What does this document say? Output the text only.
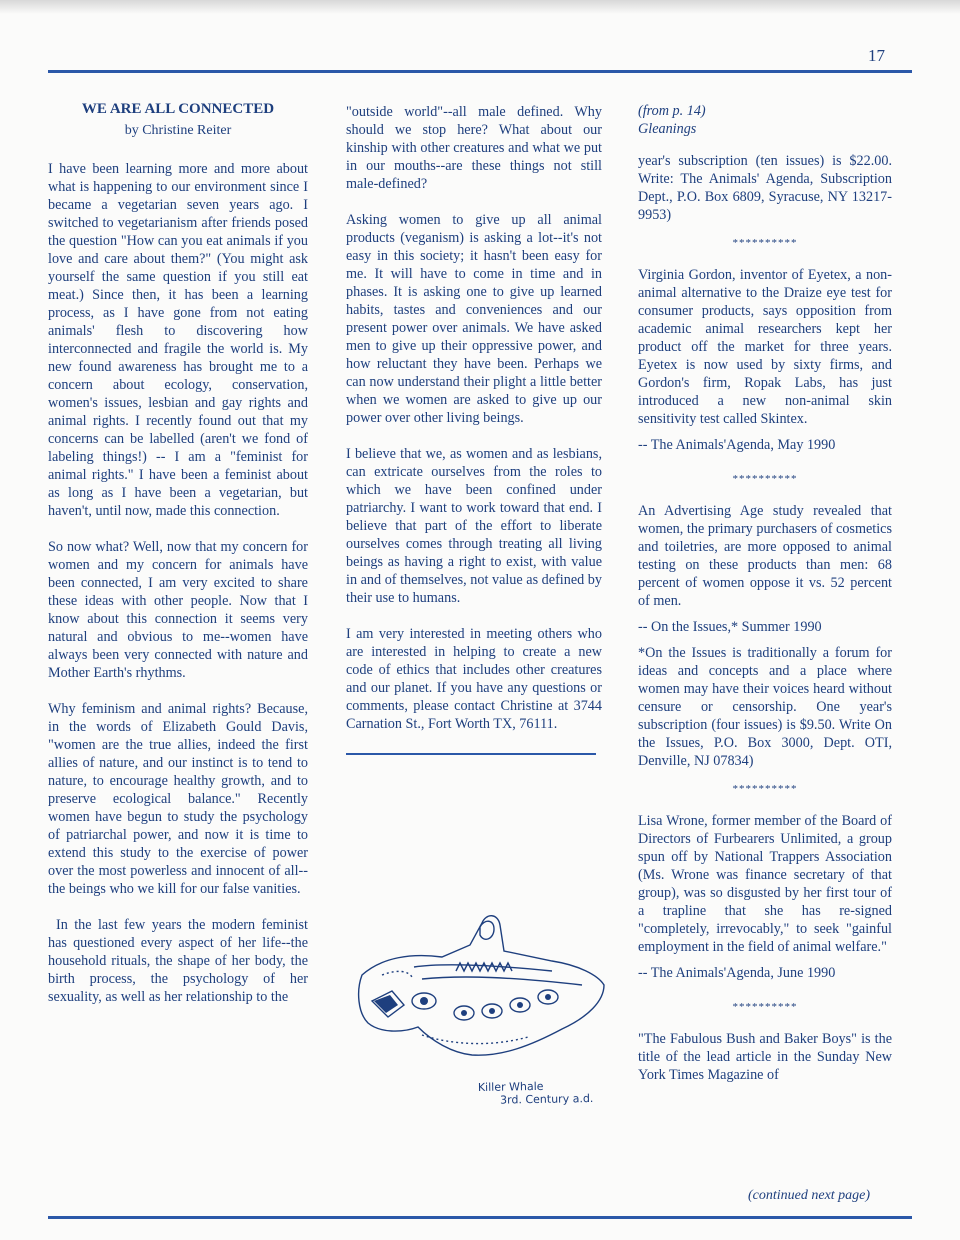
17
WE ARE ALL CONNECTED
by Christine Reiter

I have been learning more and more about what is happening to our environment since I became a vegetarian seven years ago. I switched to vegetarianism after friends posed the question "How can you eat animals if you love and care about them?" (You might ask yourself the same question if you still eat meat.) Since then, it has been a learning process, as I have gone from not eating animals' flesh to discovering how interconnected and fragile the world is. My new found awareness has brought me to a concern about ecology, conservation, women's issues, lesbian and gay rights and animal rights. I recently found out that my concerns can be labelled (aren't we fond of labeling things!) -- I am a "feminist for animal rights." I have been a feminist about as long as I have been a vegetarian, but haven't, until now, made this connection.

So now what? Well, now that my concern for women and my concern for animals have been connected, I am very excited to share these ideas with other people. Now that I know about this connection it seems very natural and obvious to me--women have always been very connected with nature and Mother Earth's rhythms.

Why feminism and animal rights? Because, in the words of Elizabeth Gould Davis, "women are the true allies, indeed the first allies of nature, and our instinct is to tend to nature, to encourage healthy growth, and to preserve ecological balance." Recently women have begun to study the psychology of patriarchal power, and now it is time to extend this study to the exercise of power over the most powerless and innocent of all--the beings who we kill for our false vanities.

In the last few years the modern feminist has questioned every aspect of her life--the household rituals, the shape of her body, the birth process, the psychology of her sexuality, as well as her relationship to the

"outside world"--all male defined. Why should we stop here? What about our kinship with other creatures and what we put in our mouths--are these things not still male-defined?

Asking women to give up all animal products (veganism) is asking a lot--it's not easy in this society; it hasn't been easy for me. It will have to come in time and in phases. It is asking one to give up learned habits, tastes and conveniences and our present power over animals. We have asked men to give up their oppressive power, and how reluctant they have been. Perhaps we can now understand their plight a little better when we women are asked to give up our power over other living beings.

I believe that we, as women and as lesbians, can extricate ourselves from the roles to which we have been confined under patriarchy. I want to work toward that end. I believe that part of the effort to liberate ourselves comes through treating all living beings as having a right to exist, with value in and of themselves, not value as defined by their use to humans.

I am very interested in meeting others who are interested in helping to create a new code of ethics that includes other creatures and our planet. If you have any questions or comments, please contact Christine at 3744 Carnation St., Fort Worth TX, 76111.

Killer Whale
3rd. Century a.d.
(from p. 14)
Gleanings

year's subscription (ten issues) is $22.00. Write: The Animals' Agenda, Subscription Dept., P.O. Box 6809, Syracuse, NY 13217-9953)

**********

Virginia Gordon, inventor of Eyetex, a non-animal alternative to the Draize eye test for consumer products, says opposition from academic animal researchers kept her product off the market for three years. Eyetex is now used by sixty firms, and Gordon's firm, Ropak Labs, has just introduced a new non-animal skin sensitivity test called Skintex.

-- The Animals'Agenda, May 1990
**********

An Advertising Age study revealed that women, the primary purchasers of cosmetics and toiletries, are more opposed to animal testing on these products than men: 68 percent of women oppose it vs. 52 percent of men.

-- On the Issues,* Summer 1990

*On the Issues is traditionally a forum for ideas and concepts and a place where women may have their voices heard without censure or censorship. One year's subscription (four issues) is $9.50. Write On the Issues, P.O. Box 3000, Dept. OTI, Denville, NJ 07834)

**********

Lisa Wrone, former member of the Board of Directors of Furbearers Unlimited, a group spun off by National Trappers Association (Ms. Wrone was finance secretary of that group), was so disgusted by her first tour of a trapline that she has re-signed "completely, irrevocably," to seek "gainful employment in the field of animal welfare."

-- The Animals'Agenda, June 1990
**********

"The Fabulous Bush and Baker Boys" is the title of the lead article in the Sunday New York Times Magazine of

(continued next page)
